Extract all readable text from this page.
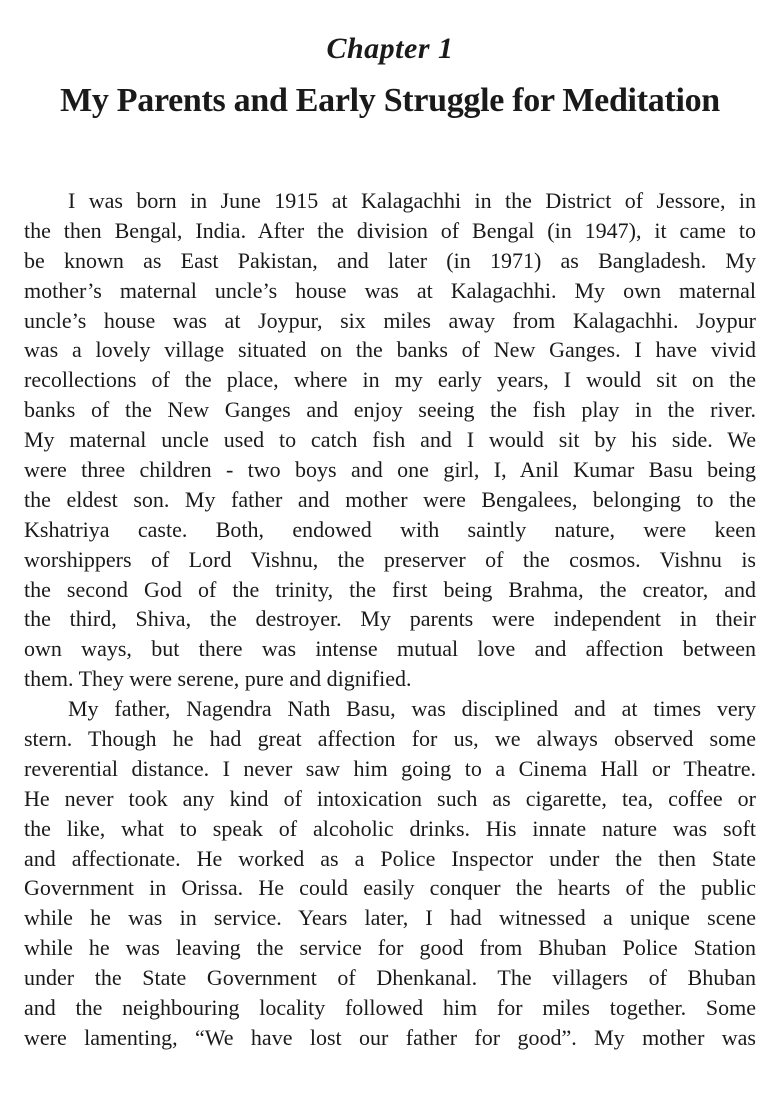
Chapter 1
My Parents and Early Struggle for Meditation
I was born in June 1915 at Kalagachhi in the District of Jessore, in
the then Bengal, India. After the division of Bengal (in 1947), it came to
be known as East Pakistan, and later (in 1971) as Bangladesh. My
mother’s maternal uncle’s house was at Kalagachhi. My own maternal
uncle’s house was at Joypur, six miles away from Kalagachhi. Joypur
was a lovely village situated on the banks of New Ganges. I have vivid
recollections of the place, where in my early years, I would sit on the
banks of the New Ganges and enjoy seeing the fish play in the river.
My maternal uncle used to catch fish and I would sit by his side. We
were three children - two boys and one girl, I, Anil Kumar Basu being
the eldest son. My father and mother were Bengalees, belonging to the
Kshatriya caste. Both, endowed with saintly nature, were keen
worshippers of Lord Vishnu, the preserver of the cosmos. Vishnu is
the second God of the trinity, the first being Brahma, the creator, and
the third, Shiva, the destroyer. My parents were independent in their
own ways, but there was intense mutual love and affection between
them. They were serene, pure and dignified.
My father, Nagendra Nath Basu, was disciplined and at times very
stern. Though he had great affection for us, we always observed some
reverential distance. I never saw him going to a Cinema Hall or Theatre.
He never took any kind of intoxication such as cigarette, tea, coffee or
the like, what to speak of alcoholic drinks. His innate nature was soft
and affectionate. He worked as a Police Inspector under the then State
Government in Orissa. He could easily conquer the hearts of the public
while he was in service. Years later, I had witnessed a unique scene
while he was leaving the service for good from Bhuban Police Station
under the State Government of Dhenkanal. The villagers of Bhuban
and the neighbouring locality followed him for miles together. Some
were lamenting, “We have lost our father for good”. My mother was
